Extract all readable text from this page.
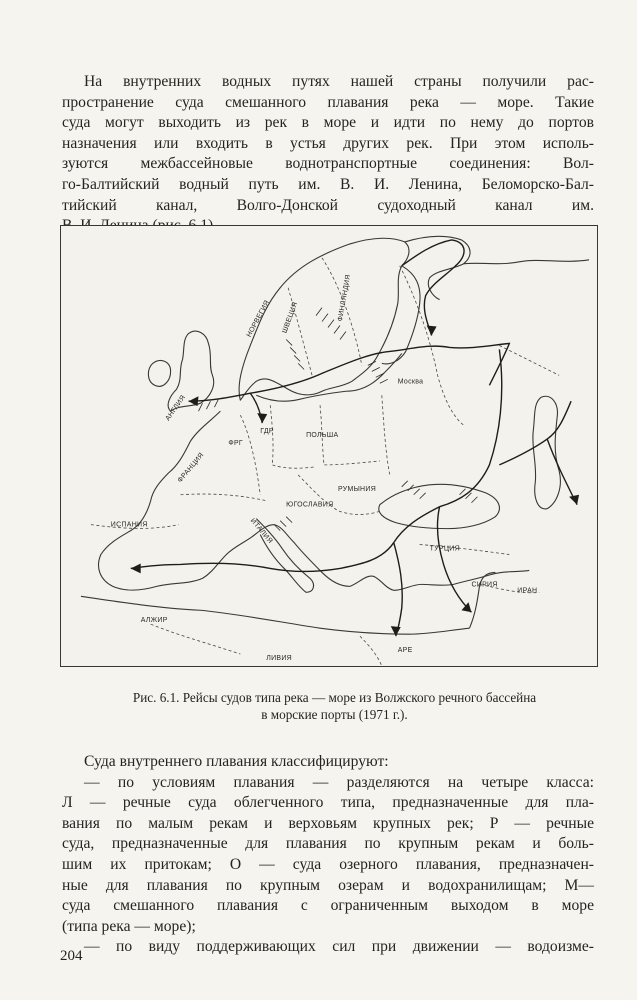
На внутренних водных путях нашей страны получили рас-
пространение суда смешанного плавания река — море. Такие
суда могут выходить из рек в море и идти по нему до портов
назначения или входить в устья других рек. При этом исполь-
зуются межбассейновые воднотранспортные соединения: Вол-
го-Балтийский водный путь им. В. И. Ленина, Беломорско-Бал-
тийский канал, Волго-Донской судоходный канал им.
НОРВЕГИЯ ШВЕЦИЯ	ФИНЛЯНДИЯ
АНГЛИЯ
Москва
ГДР
ПОЛЬША
ФРГ
ФРАНЦИЯ
РУМЫНИЯ
ЮГОСЛАВИЯ
ИТАЛИЯ
ИСПАНИЯ
ТУРЦИЯ
СИРИЯ
ИРАН
АЛЖИР
ЛИВИЯ
АРЕ
Рис. 6.1. Рейсы судов типа река — море из Волжского речного бассейна
в морские порты (1971 г.).
Суда внутреннего плавания классифицируют:
— по условиям плавания — разделяются на четыре класса:
Л — речные суда облегченного типа, предназначенные для пла-
вания по малым рекам и верховьям крупных рек; Р — речные
суда, предназначенные для плавания по крупным рекам и боль-
шим их притокам; О — суда озерного плавания, предназначен-
ные для плавания по крупным озерам и водохранилищам; М—
суда смешанного плавания с ограниченным выходом в море
(типа река — море);
— по виду поддерживающих сил при движении — водоизме-
204
